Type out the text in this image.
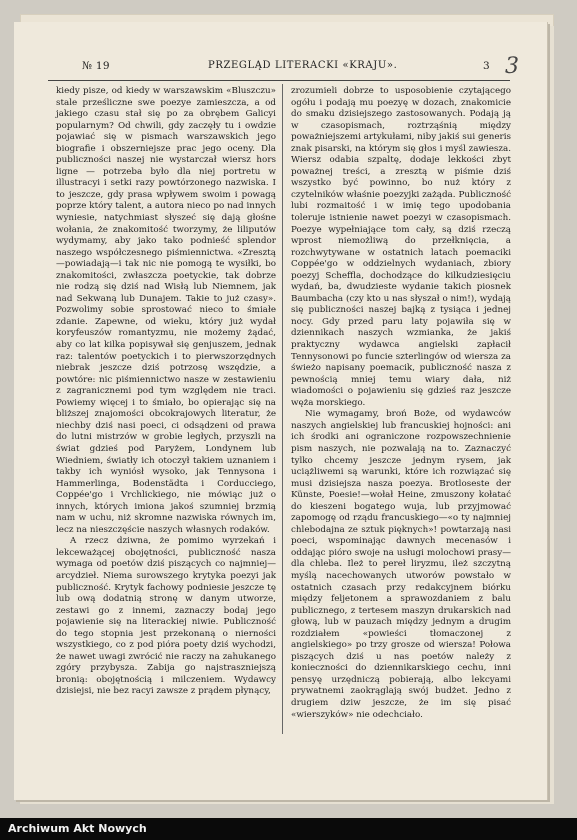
№ 19	PRZEGLĄD LITERACKI «KRAJU».	3 3

kiedy pisze, od kiedy w warszawskim «Bluszczu» stale prześliczne swe poezye zamieszcza, a od jakiego czasu stał się po za obrębem Galicyi popularnym? Od chwili, gdy zaczęły tu i owdzie pojawiać się w pismach warszawskich jego biografie i obszerniejsze prac jego oceny. Dla publiczności naszej nie wystarczał wiersz hors ligne — potrzeba było dla niej portretu w illustracyi i setki razy powtórzonego nazwiska. I to jeszcze, gdy prasa wpływem swoim i powagą poprze który talent, a autora nieco po nad innych wyniesie, natychmiast słyszeć się dają głośne wołania, że znakomitość tworzymy, że liliputów wydymamy, aby jako tako podnieść splendor naszego współczesnego piśmiennictwa. «Zresztą—powiadają—i tak nic nie pomogą te wysiłki, bo znakomitości, zwłaszcza poetyckie, tak dobrze nie rodzą się dziś nad Wisłą lub Niemnem, jak nad Sekwaną lub Dunajem. Takie to już czasy». Pozwolimy sobie sprostować nieco to śmiałe zdanie. Zapewne, od wieku, który już wydał koryfeuszów romantyzmu, nie możemy żądać, aby co lat kilka popisywał się genjuszem, jednak raz: talentów poetyckich i to pierwszorzędnych niebrak jeszcze dziś potrzosę wszędzie, a powtóre: nic piśmiennictwo nasze w zestawieniu z zagranicznemi pod tym względem nie traci. Powiemy więcej i to śmiało, bo opierając się na bliższej znajomości obcokrajowych literatur, że niechby dziś nasi poeci, ci odsądzeni od prawa do lutni mistrzów w grobie ległych, przyszli na świat gdzieś pod Paryżem, Londynem lub Wiedniem, światły ich otoczył takiem uznaniem i takby ich wyniósł wysoko, jak Tennysona i Hammerlinga, Bodenstädta i Corducciego, Coppée'go i Vrchlickiego, nie mówiąc już o innych, których imiona jakoś szumniej brzmią nam w uchu, niż skromne nazwiska równych im, lecz na nieszczęście naszych własnych rodaków.

A rzecz dziwna, że pomimo wyrzekań i lekceważącej obojętności, publiczność nasza wymaga od poetów dziś piszących co najmniej—arcydzieł. Niema surowszego krytyka poezyi jak publiczność. Krytyk fachowy podniesie jeszcze tę lub ową dodatnią stronę w danym utworze, zestawi go z innemi, zaznaczy bodaj jego pojawienie się na literackiej niwie. Publiczność do tego stopnia jest przekonaną o nierności wszystkiego, co z pod pióra poety dziś wychodzi, że nawet uwagi zwrócić nie raczy na zahukanego zgóry przybysza. Zabija go najstraszniejszą bronią: obojętnością i milczeniem. Wydawcy dzisiejsi, nie bez racyi zawsze z prądem płynący,

zrozumieli dobrze to usposobienie czytającego ogółu i podają mu poezyę w dozach, znakomicie do smaku dzisiejszego zastosowanych. Podają ją w czasopismach, roztrząśnią między poważniejszemi artykułami, niby jakiś sui generis znak pisarski, na którym się głos i myśl zawiesza. Wiersz odabia szpaltę, dodaje lekkości zbyt poważnej treści, a zresztą w piśmie dziś wszystko być powinno, bo nuż który z czytelników właśnie poezyjki zażąda. Publiczność lubi rozmaitość i w imię tego upodobania toleruje istnienie nawet poezyi w czasopismach. Poezye wypełniające tom cały, są dziś rzeczą wprost niemożliwą do przełknięcia, a rozchwytywane w ostatnich latach poemaciki Coppée'go w oddzielnych wydaniach, zbiory poezyj Scheffla, dochodzące do kilkudziesięciu wydań, ba, dwudzieste wydanie takich piosnek Baumbacha (czy kto u nas słyszał o nim!), wydają się publiczności naszej bajką z tysiąca i jednej nocy. Gdy przed paru laty pojawiła się w dziennikach naszych wzmianka, że jakiś praktyczny wydawca angielski zapłacił Tennysonowi po funcie szterlingów od wiersza za świeżo napisany poemacik, publiczność nasza z pewnością mniej temu wiary dała, niż wiadomości o pojawieniu się gdzieś raz jeszcze węża morskiego.

Nie wymagamy, broń Boże, od wydawców naszych angielskiej lub francuskiej hojności: ani ich środki ani ograniczone rozpowszechnienie pism naszych, nie pozwalają na to. Zaznaczyć tylko chcemy jeszcze jednym rysem, jak uciążliwemi są warunki, które ich rozwiązać się musi dzisiejsza nasza poezya. Brotloseste der Künste, Poesie!—wołał Heine, zmuszony kołatać do kieszeni bogatego wuja, lub przyjmować zapomogę od rządu francuskiego—«o ty najmniej chlebodajna ze sztuk pięknych»! powtarzają nasi poeci, wspominając dawnych mecenasów i oddając pióro swoje na usługi molochowi prasy—dla chleba. Ileż to pereł liryzmu, ileż szczytną myślą nacechowanych utworów powstało w ostatnich czasach przy redakcyjnem biórku między feljetonem a sprawozdaniem z balu publicznego, z tertesem maszyn drukarskich nad głową, lub w pauzach między jednym a drugim rozdziałem «powieści tłomaczonej z angielskiego» po trzy grosze od wiersza! Połowa piszących dziś u nas poetów należy z konieczności do dziennikarskiego cechu, inni pensyę urzędniczą pobierają, albo lekcyami prywatnemi zaokrąglają swój budżet. Jedno z drugiem dziw jeszcze, że im się pisać «wierszyków» nie odechciało.

Archiwum Akt Nowych
